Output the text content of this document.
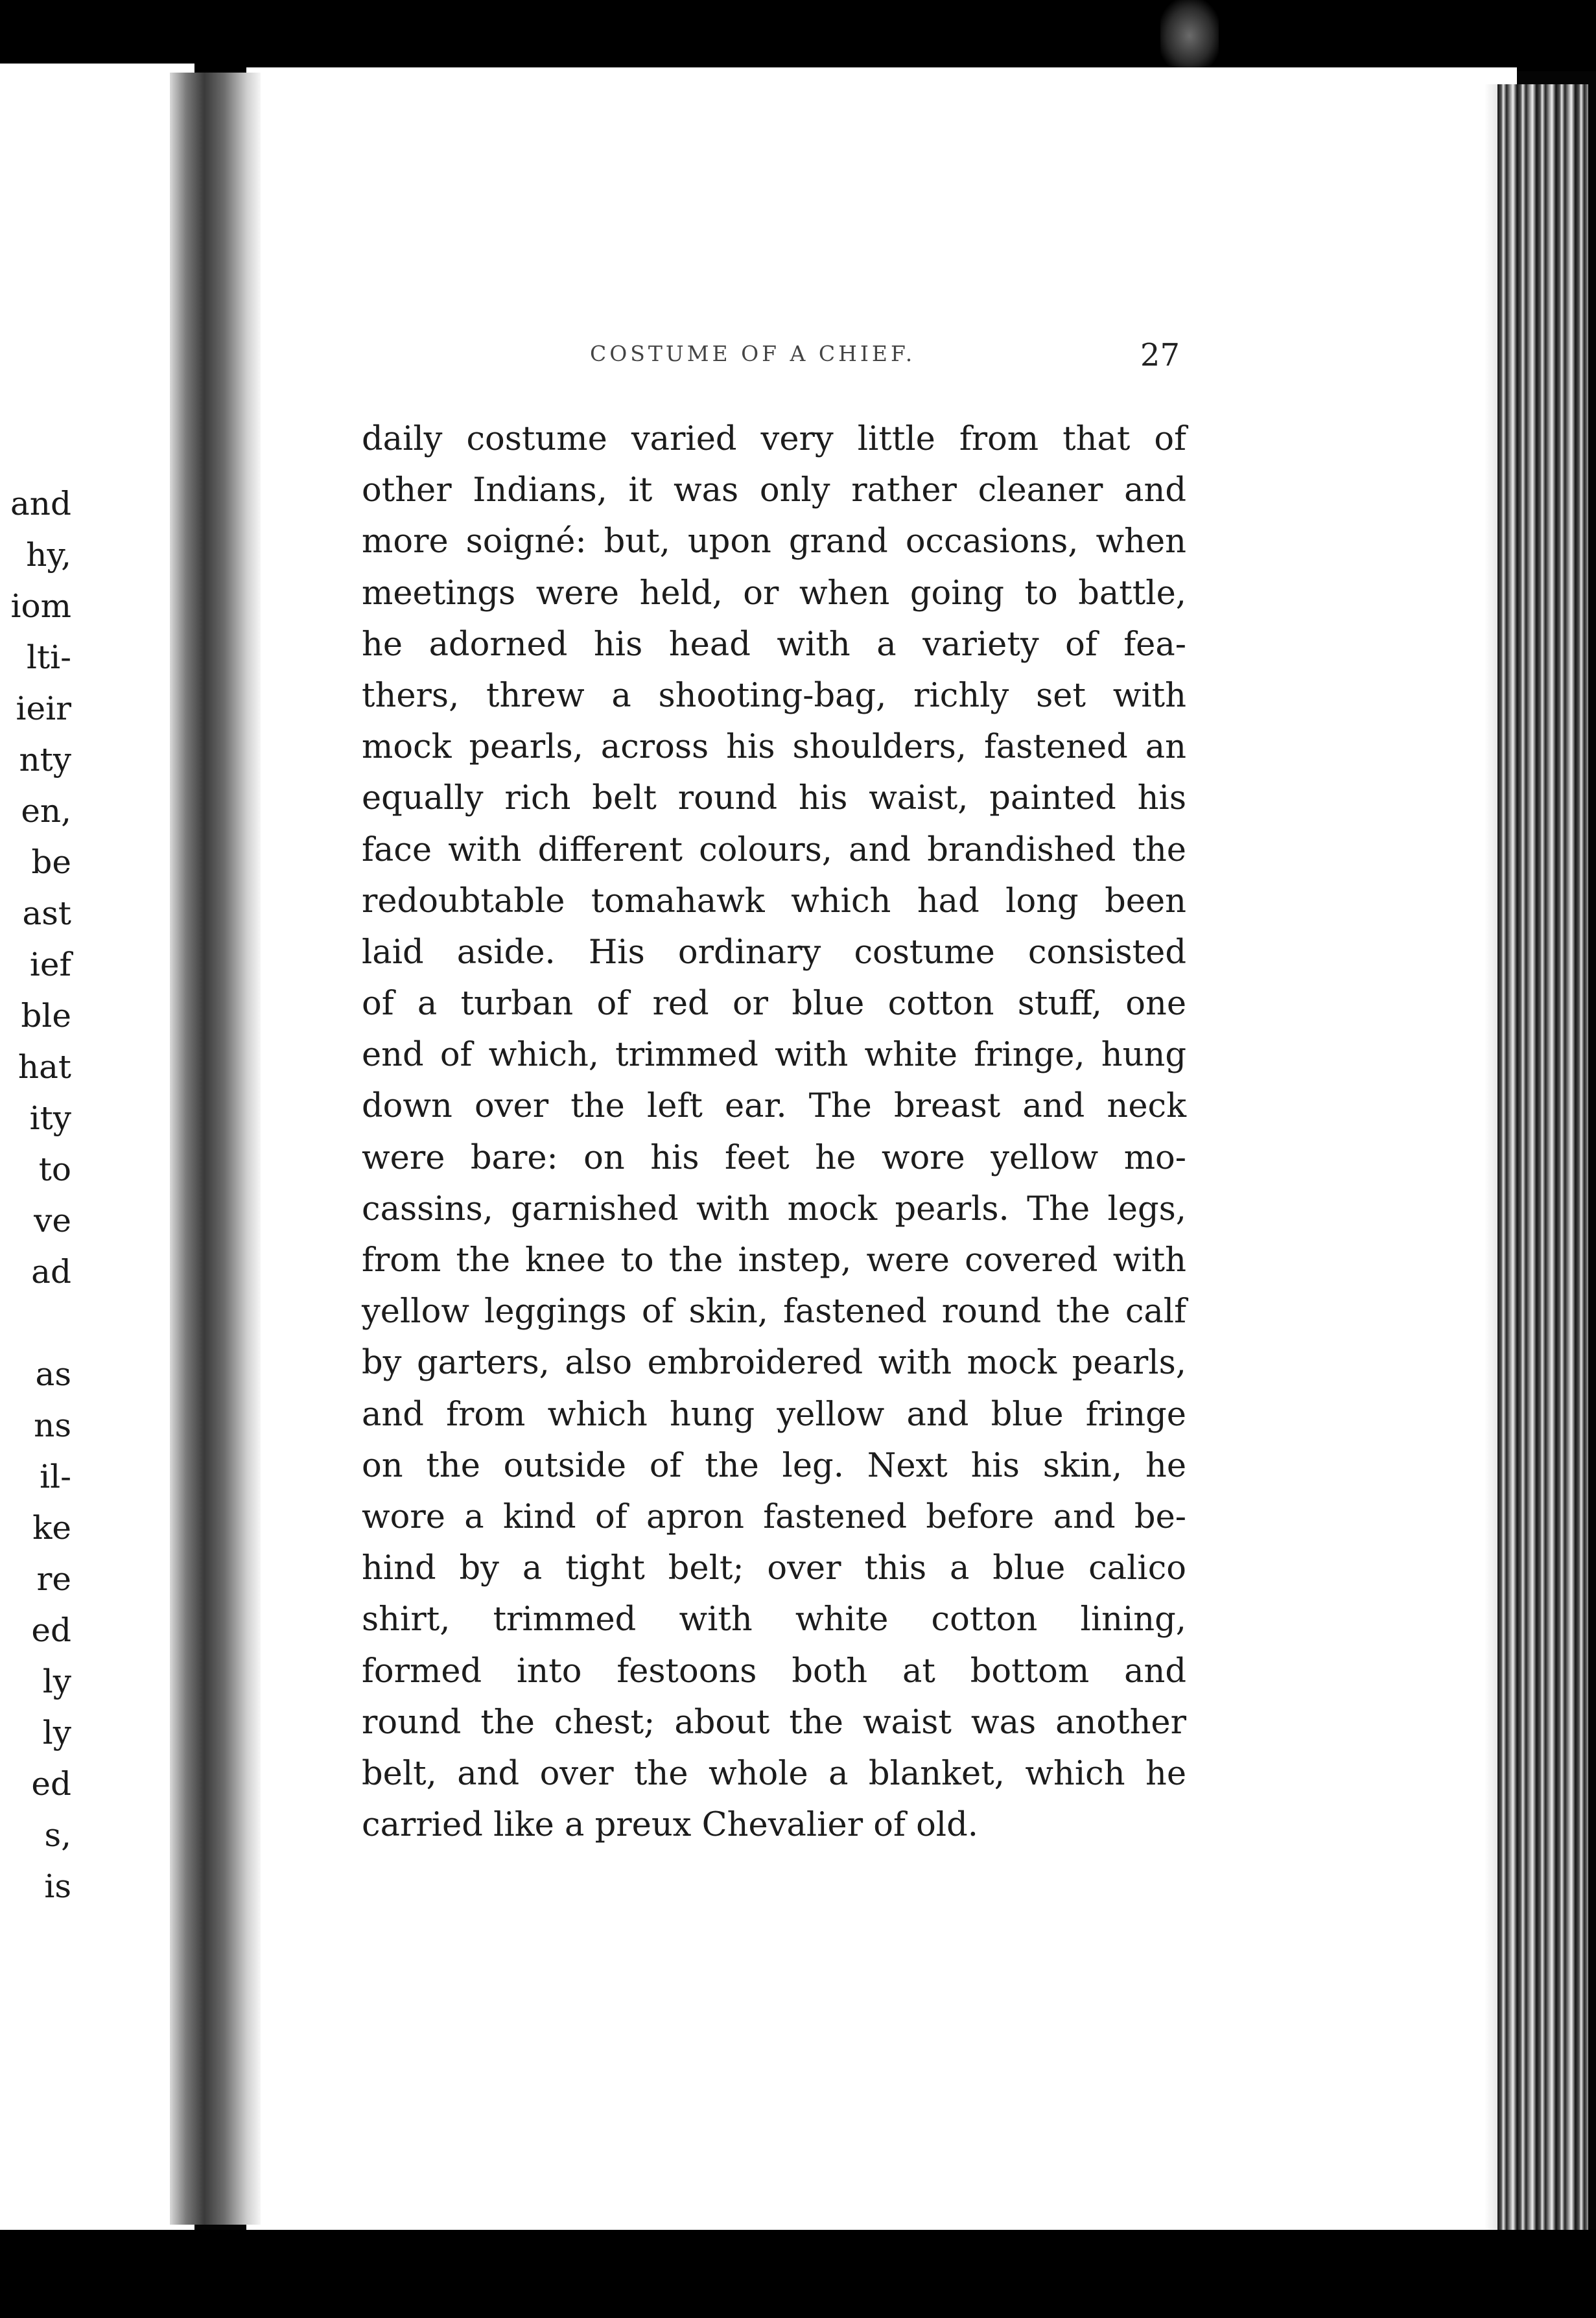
and
hy,
iom
lti-
ieir
nty
en,
be
ast
ief
ble
hat
ity
to
ve
ad
as
ns
il-
ke
re
ed
ly
ly
ed
s,
is
COSTUME OF A CHIEF.	27
daily costume varied very little from that of
other Indians, it was only rather cleaner and
more soigné: but, upon grand occasions, when
meetings were held, or when going to battle,
he adorned his head with a variety of fea-
thers, threw a shooting-bag, richly set with
mock pearls, across his shoulders, fastened an
equally rich belt round his waist, painted his
face with different colours, and brandished the
redoubtable tomahawk which had long been
laid aside. His ordinary costume consisted
of a turban of red or blue cotton stuff, one
end of which, trimmed with white fringe, hung
down over the left ear. The breast and neck
were bare: on his feet he wore yellow mo-
cassins, garnished with mock pearls. The legs,
from the knee to the instep, were covered with
yellow leggings of skin, fastened round the calf
by garters, also embroidered with mock pearls,
and from which hung yellow and blue fringe
on the outside of the leg. Next his skin, he
wore a kind of apron fastened before and be-
hind by a tight belt; over this a blue calico
shirt, trimmed with white cotton lining,
formed into festoons both at bottom and
round the chest; about the waist was another
belt, and over the whole a blanket, which he
carried like a preux Chevalier of old.
